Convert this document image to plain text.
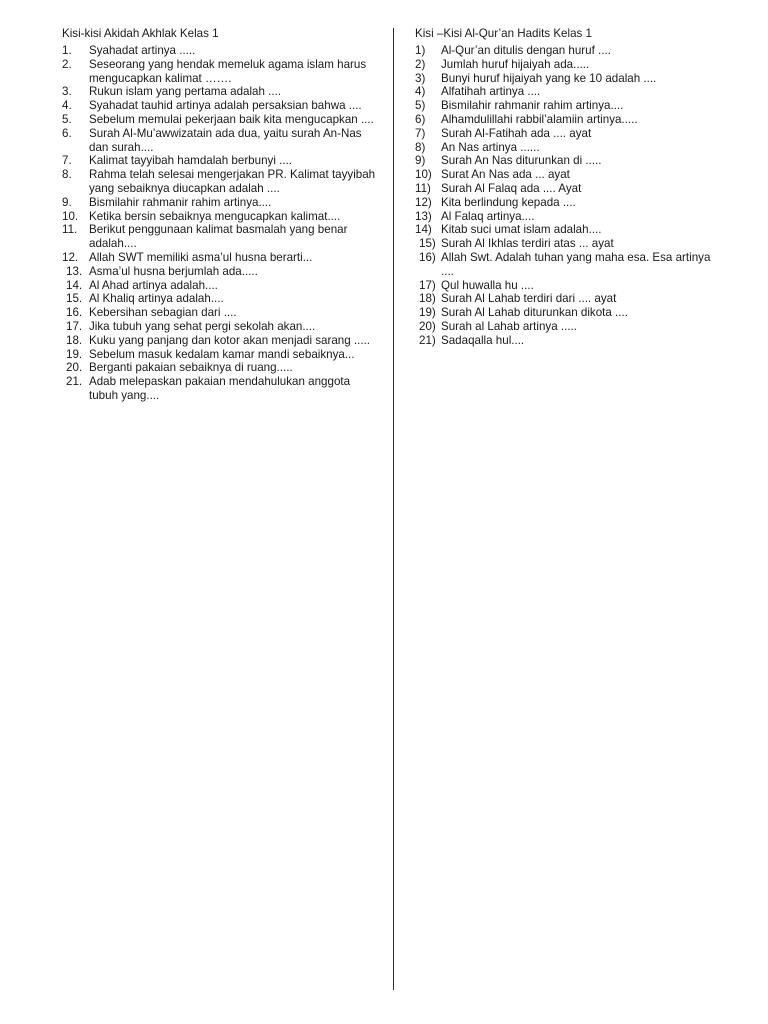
Kisi-kisi Akidah Akhlak Kelas 1
1.	Syahadat artinya .....
2.	Seseorang yang hendak memeluk agama islam harus mengucapkan kalimat …….
3.	Rukun islam yang pertama adalah ....
4.	Syahadat tauhid artinya adalah persaksian bahwa ....
5.	Sebelum memulai pekerjaan baik kita mengucapkan ....
6.	Surah Al-Mu’awwizatain ada dua, yaitu surah An-Nas dan surah....
7.	Kalimat tayyibah hamdalah berbunyi ....
8.	Rahma telah selesai mengerjakan PR. Kalimat tayyibah yang sebaiknya diucapkan adalah ....
9.	Bismilahir rahmanir rahim artinya....
10. Ketika bersin sebaiknya mengucapkan kalimat....
11.	Berikut penggunaan kalimat basmalah yang benar adalah....
12. Allah SWT memiliki asma’ul husna berarti...
13. Asma’ul husna berjumlah ada.....
14. Al Ahad artinya adalah....
15. Al Khaliq artinya adalah....
16. Kebersihan sebagian dari ....
17. Jika tubuh yang sehat pergi sekolah akan....
18. Kuku yang panjang dan kotor akan menjadi sarang .....
19. Sebelum masuk kedalam kamar mandi sebaiknya...
20. Berganti pakaian sebaiknya di ruang.....
21. Adab melepaskan pakaian mendahulukan anggota tubuh yang....
Kisi –Kisi Al-Qur’an Hadits Kelas 1
1)	Al-Qur’an ditulis dengan huruf ....
2)	Jumlah huruf hijaiyah ada.....
3)	Bunyi huruf hijaiyah yang ke 10 adalah ....
4)	Alfatihah artinya ....
5)	Bismilahir rahmanir rahim artinya....
6)	Alhamdulillahi rabbil’alamiin artinya.....
7)	Surah Al-Fatihah ada .... ayat
8)	An Nas artinya ......
9)	Surah An Nas diturunkan di .....
10) Surat An Nas ada ... ayat
11) Surah Al Falaq ada .... Ayat
12) Kita berlindung kepada ....
13) Al Falaq artinya....
14) Kitab suci umat islam adalah....
15) Surah Al Ikhlas terdiri atas ... ayat
16) Allah Swt. Adalah tuhan yang maha esa. Esa artinya ....
17) Qul huwalla hu ....
18) Surah Al Lahab terdiri dari .... ayat
19) Surah Al Lahab diturunkan dikota ....
20) Surah al Lahab artinya .....
21) Sadaqalla hul....
